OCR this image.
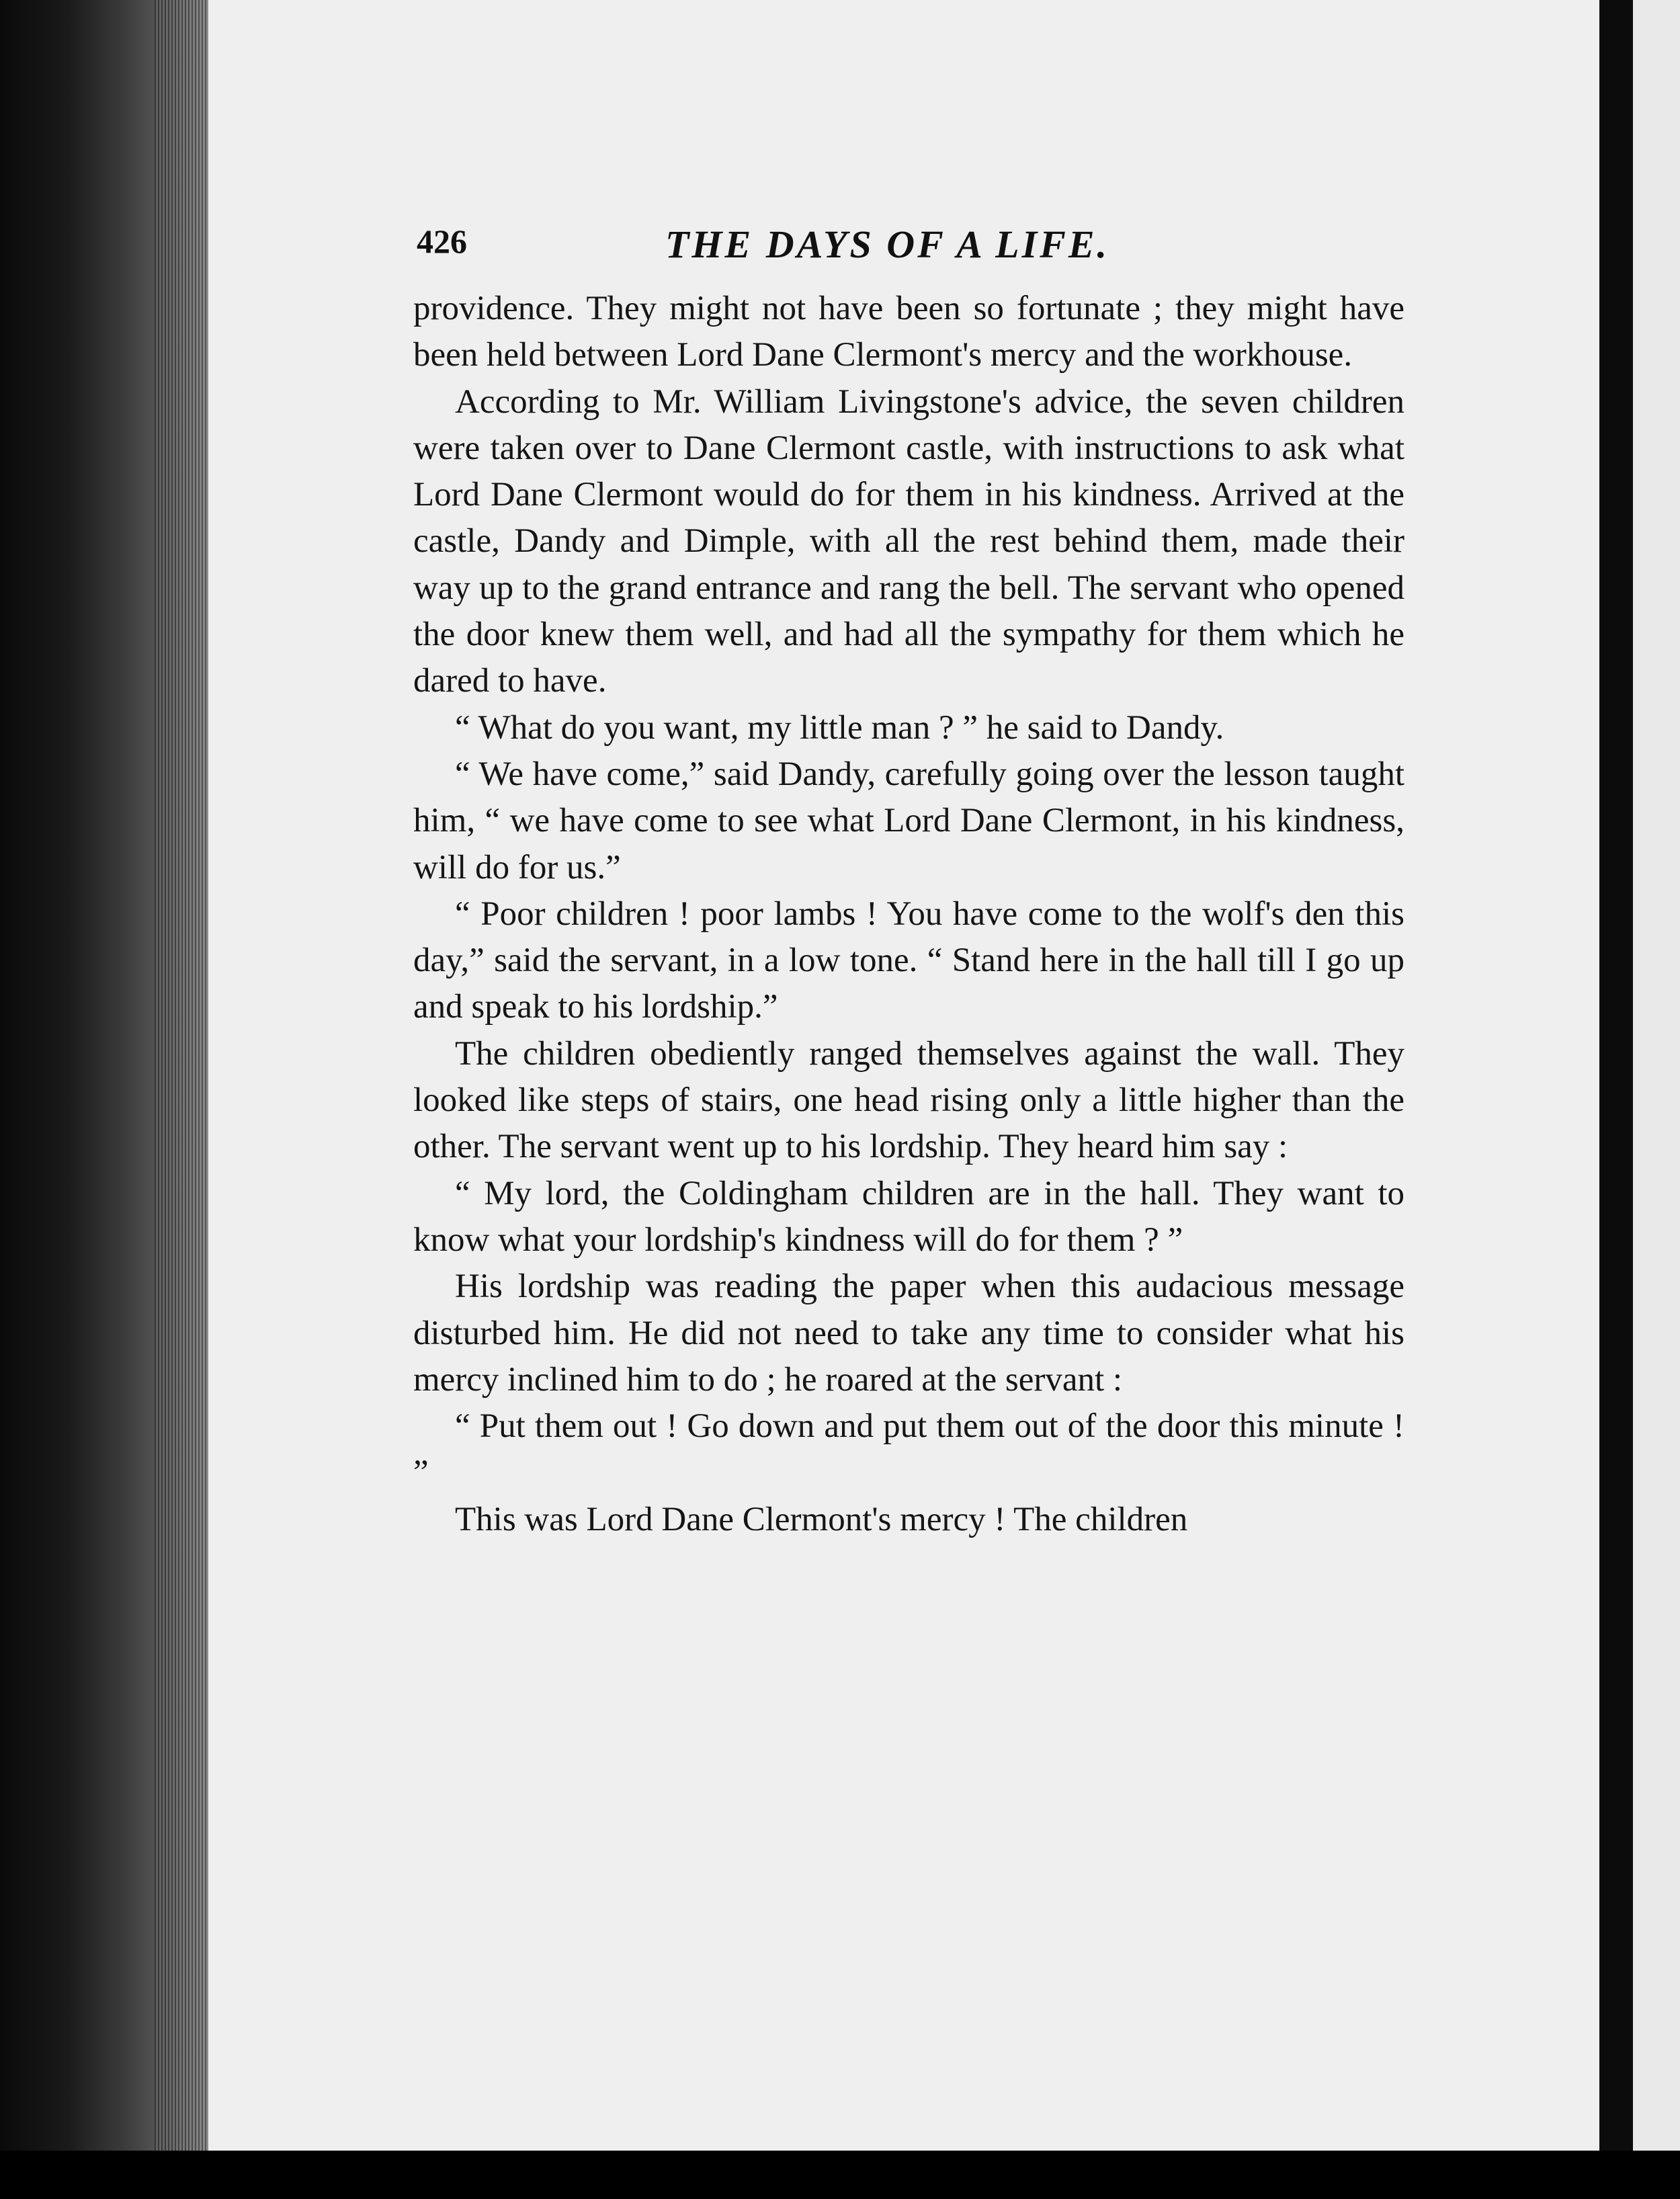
426	THE DAYS OF A LIFE.

providence. They might not have been so fortunate ; they might have been held between Lord Dane Clermont's mercy and the workhouse.

According to Mr. William Livingstone's advice, the seven children were taken over to Dane Clermont castle, with instructions to ask what Lord Dane Clermont would do for them in his kindness. Arrived at the castle, Dandy and Dimple, with all the rest behind them, made their way up to the grand entrance and rang the bell. The servant who opened the door knew them well, and had all the sympathy for them which he dared to have.

“ What do you want, my little man ? ” he said to Dandy.

“ We have come,” said Dandy, carefully going over the lesson taught him, “ we have come to see what Lord Dane Clermont, in his kindness, will do for us.”

“ Poor children ! poor lambs ! You have come to the wolf's den this day,” said the servant, in a low tone. “ Stand here in the hall till I go up and speak to his lordship.”

The children obediently ranged themselves against the wall. They looked like steps of stairs, one head rising only a little higher than the other. The servant went up to his lordship. They heard him say :

“ My lord, the Coldingham children are in the hall. They want to know what your lordship's kindness will do for them ? ”

His lordship was reading the paper when this audacious message disturbed him. He did not need to take any time to consider what his mercy inclined him to do ; he roared at the servant :

“ Put them out ! Go down and put them out of the door this minute ! ”

This was Lord Dane Clermont's mercy ! The children
